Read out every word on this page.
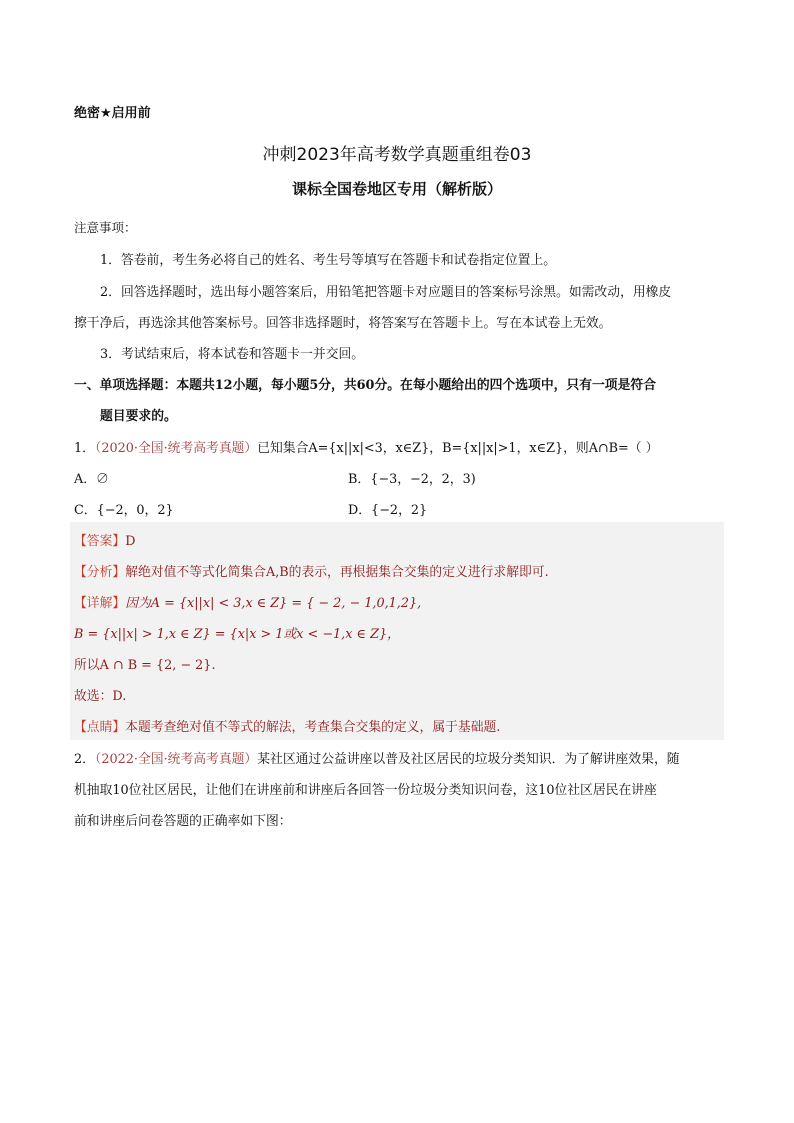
绝密★启用前
冲刺2023年高考数学真题重组卷03
课标全国卷地区专用（解析版）
注意事项：
1．答卷前，考生务必将自己的姓名、考生号等填写在答题卡和试卷指定位置上。
2．回答选择题时，选出每小题答案后，用铅笔把答题卡对应题目的答案标号涂黑。如需改动，用橡皮
擦干净后，再选涂其他答案标号。回答非选择题时，将答案写在答题卡上。写在本试卷上无效。
3．考试结束后，将本试卷和答题卡一并交回。
一、单项选择题：本题共12小题，每小题5分，共60分。在每小题给出的四个选项中，只有一项是符合
题目要求的。
1．（2020·全国·统考高考真题）已知集合A={x||x|<3，x∈Z}，B={x||x|>1，x∈Z}，则A∩B=（ ）
A．∅	B．{−3，−2，2，3)
C．{−2，0，2}	D．{−2，2}
【答案】D
【分析】解绝对值不等式化简集合A,B的表示，再根据集合交集的定义进行求解即可.
【详解】因为A = {x||x| < 3,x ∈ Z} = { − 2, − 1,0,1,2},
B = {x||x| > 1,x ∈ Z} = {x|x > 1或x < −1,x ∈ Z}，
所以A ∩ B = {2, − 2}.
故选：D.
【点睛】本题考查绝对值不等式的解法，考查集合交集的定义，属于基础题.
2．（2022·全国·统考高考真题）某社区通过公益讲座以普及社区居民的垃圾分类知识．为了解讲座效果，随
机抽取10位社区居民，让他们在讲座前和讲座后各回答一份垃圾分类知识问卷，这10位社区居民在讲座
前和讲座后问卷答题的正确率如下图：
